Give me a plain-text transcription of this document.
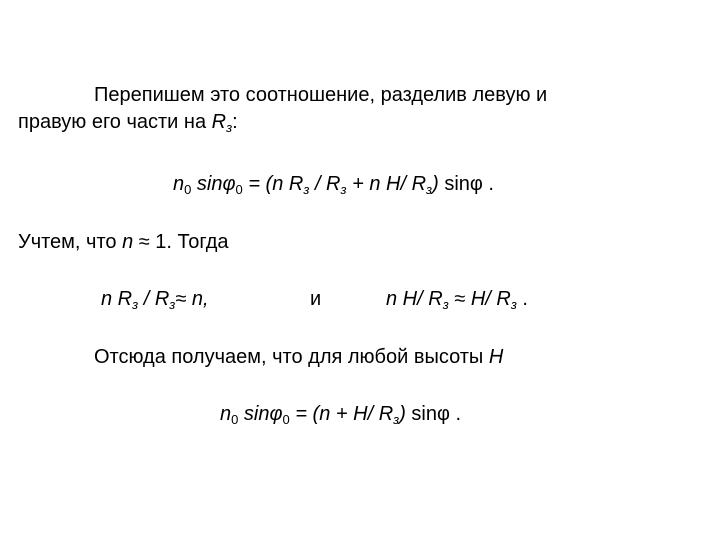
Перепишем это соотношение, разделив левую и
правую его части на $R_з$:
$n_0$ sinφ$_0$ = (n $R_з / R_з + n$ H/ $R_з$) sinφ .
Учтем, что n ≈ 1. Тогда
n $R_з / R_з\approx n$,	и	n H/ $R_з \approx H/$ $R_з$ .
Отсюда получаем, что для любой высоты H
$n_0$ sinφ$_0$ = (n + H/ $R_з$) sinφ .
